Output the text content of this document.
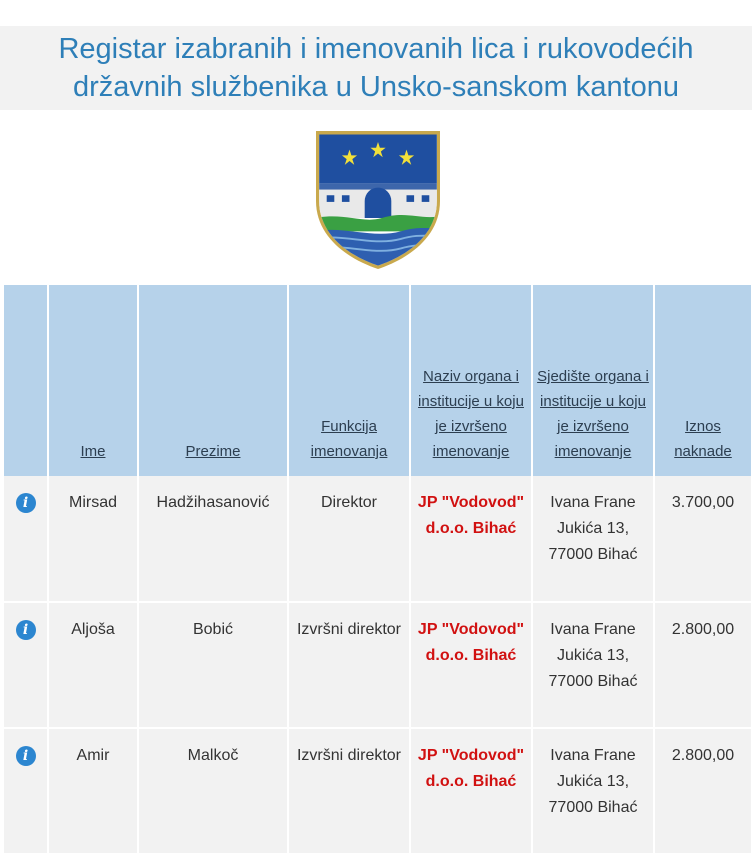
Registar izabranih i imenovanih lica i rukovodećih
državnih službenika u Unsko-sanskom kantonu
	Ime	Prezime	Funkcija imenovanja	Naziv organa i institucije u koju je izvršeno imenovanje	Sjedište organa i institucije u koju je izvršeno imenovanje	Iznos naknade
i	Mirsad	Hadžihasanović	Direktor	JP "Vodovod" d.o.o. Bihać	Ivana Frane Jukića 13, 77000 Bihać	3.700,00
i	Aljoša	Bobić	Izvršni direktor	JP "Vodovod" d.o.o. Bihać	Ivana Frane Jukića 13, 77000 Bihać	2.800,00
i	Amir	Malkoč	Izvršni direktor	JP "Vodovod" d.o.o. Bihać	Ivana Frane Jukića 13, 77000 Bihać	2.800,00
